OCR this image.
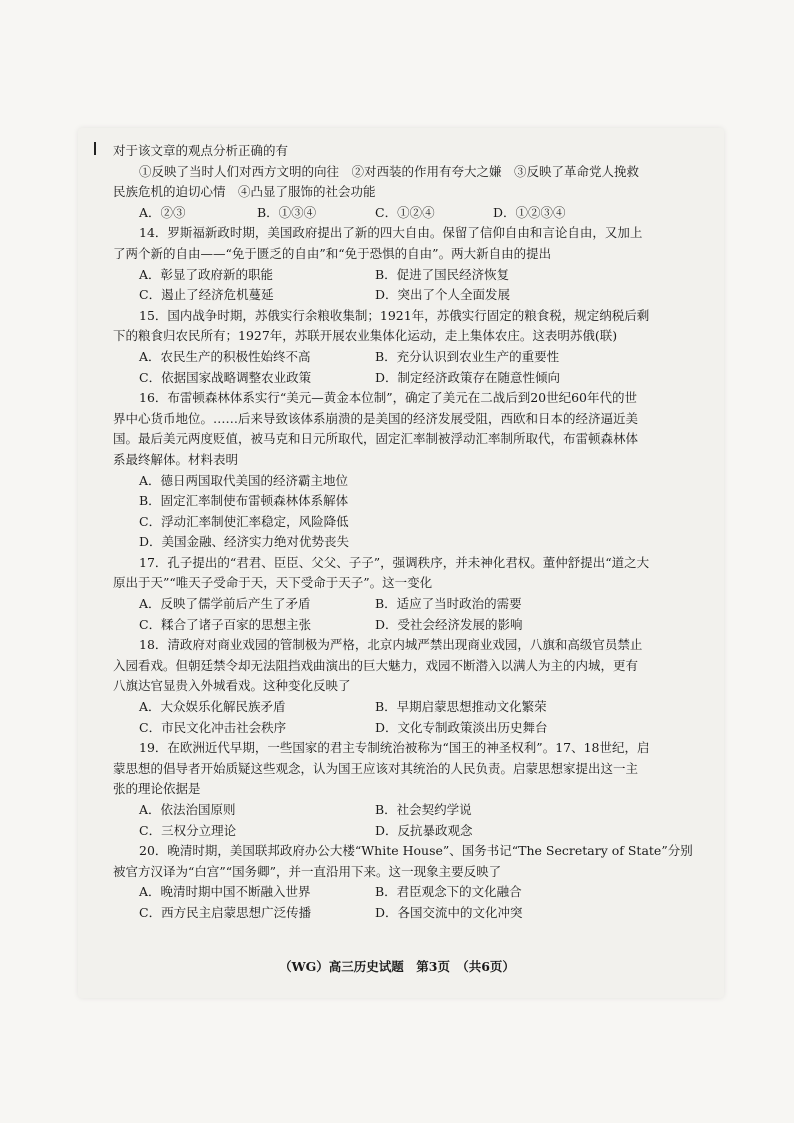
对于该文章的观点分析正确的有
①反映了当时人们对西方文明的向往　②对西装的作用有夸大之嫌　③反映了革命党人挽救
民族危机的迫切心情　④凸显了服饰的社会功能
A．②③	B．①③④	C．①②④	D．①②③④
14．罗斯福新政时期，美国政府提出了新的四大自由。保留了信仰自由和言论自由，又加上
了两个新的自由——“免于匮乏的自由”和“免于恐惧的自由”。两大新自由的提出
A．彰显了政府新的职能	B．促进了国民经济恢复
C．遏止了经济危机蔓延	D．突出了个人全面发展
15．国内战争时期，苏俄实行余粮收集制；1921年，苏俄实行固定的粮食税，规定纳税后剩
下的粮食归农民所有；1927年，苏联开展农业集体化运动，走上集体农庄。这表明苏俄(联)
A．农民生产的积极性始终不高	B．充分认识到农业生产的重要性
C．依据国家战略调整农业政策	D．制定经济政策存在随意性倾向
16．布雷顿森林体系实行“美元—黄金本位制”，确定了美元在二战后到20世纪60年代的世
界中心货币地位。……后来导致该体系崩溃的是美国的经济发展受阻，西欧和日本的经济逼近美
国。最后美元两度贬值，被马克和日元所取代，固定汇率制被浮动汇率制所取代，布雷顿森林体
系最终解体。材料表明
A．德日两国取代美国的经济霸主地位
B．固定汇率制使布雷顿森林体系解体
C．浮动汇率制使汇率稳定，风险降低
D．美国金融、经济实力绝对优势丧失
17．孔子提出的“君君、臣臣、父父、子子”，强调秩序，并未神化君权。董仲舒提出“道之大
原出于天”“唯天子受命于天，天下受命于天子”。这一变化
A．反映了儒学前后产生了矛盾	B．适应了当时政治的需要
C．糅合了诸子百家的思想主张	D．受社会经济发展的影响
18．清政府对商业戏园的管制极为严格，北京内城严禁出现商业戏园，八旗和高级官员禁止
入园看戏。但朝廷禁令却无法阻挡戏曲演出的巨大魅力，戏园不断潜入以满人为主的内城，更有
八旗达官显贵入外城看戏。这种变化反映了
A．大众娱乐化解民族矛盾	B．早期启蒙思想推动文化繁荣
C．市民文化冲击社会秩序	D．文化专制政策淡出历史舞台
19．在欧洲近代早期，一些国家的君主专制统治被称为“国王的神圣权利”。17、18世纪，启
蒙思想的倡导者开始质疑这些观念，认为国王应该对其统治的人民负责。启蒙思想家提出这一主
张的理论依据是
A．依法治国原则	B．社会契约学说
C．三权分立理论	D．反抗暴政观念
20．晚清时期，美国联邦政府办公大楼“White House”、国务书记“The Secretary of State”分别
被官方汉译为“白宫”“国务卿”，并一直沿用下来。这一现象主要反映了
A．晚清时期中国不断融入世界	B．君臣观念下的文化融合
C．西方民主启蒙思想广泛传播	D．各国交流中的文化冲突
（WG）高三历史试题　第3页　（共6页）
